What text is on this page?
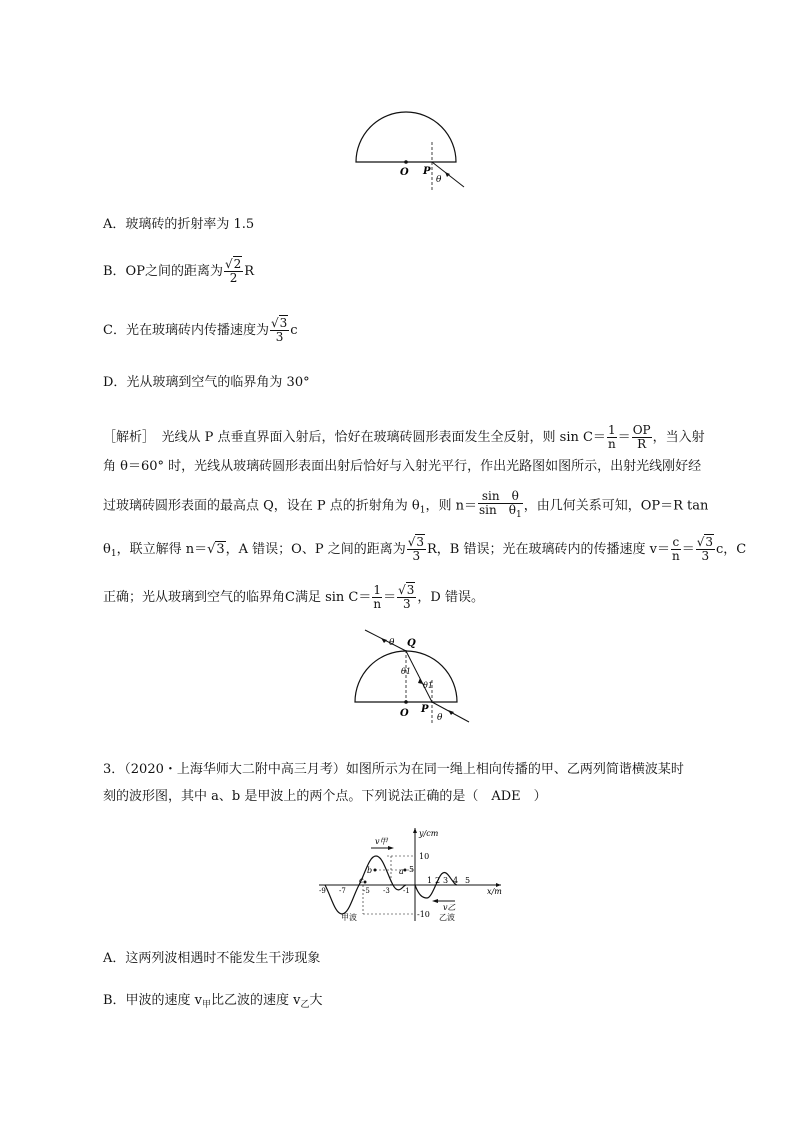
O P
θ
A．玻璃砖的折射率为 1.5
B．OP之间的距离为 $\frac{√2}{2}$ R
C．光在玻璃砖内传播速度为 $\frac{√3}{3}$ c
D．光从玻璃到空气的临界角为 30°
［解析］　光线从 P 点垂直界面入射后，恰好在玻璃砖圆形表面发生全反射，则 $\sin C= \frac{1}{n} = \frac{OP}{R}$ ，当入射
角 θ＝60° 时，光线从玻璃砖圆形表面出射后恰好与入射光平行，作出光路图如图所示，出射光线刚好经
过玻璃砖圆形表面的最高点 Q，设在 P 点的折射角为 $\theta_1$，则 $n= \frac{\text{sin　θ}}{\sin \theta_1}$ ，由几何关系可知，OP＝R tan
$\theta_1$，联立解得 n＝√3，A 错误；O、P 之间的距离为 $\frac{√3}{3}$ R，B 错误；光在玻璃砖内的传播速度 $v= \frac{c}{n} = \frac{√3}{3}$ c，C
正确；光从玻璃到空气的临界角C满足 $\sin C= \frac{1}{n} = \frac{√3}{3}$ ，D 错误。
θ Q
θ1
θ1
O P
θ
3．（2020・上海华师大二附中高三月考）如图所示为在同一绳上相向传播的甲、乙两列简谐横波某时
刻的波形图，其中 a、b 是甲波上的两个点。下列说法正确的是（　ADE　）
y/cm
x/m
10
5
-10
v甲
v乙
a
b
c
-9 -7 -5 -3 -1
1 2 3 4 5
甲波	乙波
A．这两列波相遇时不能发生干涉现象
B．甲波的速度 $v_甲$比乙波的速度 $v_乙$大
